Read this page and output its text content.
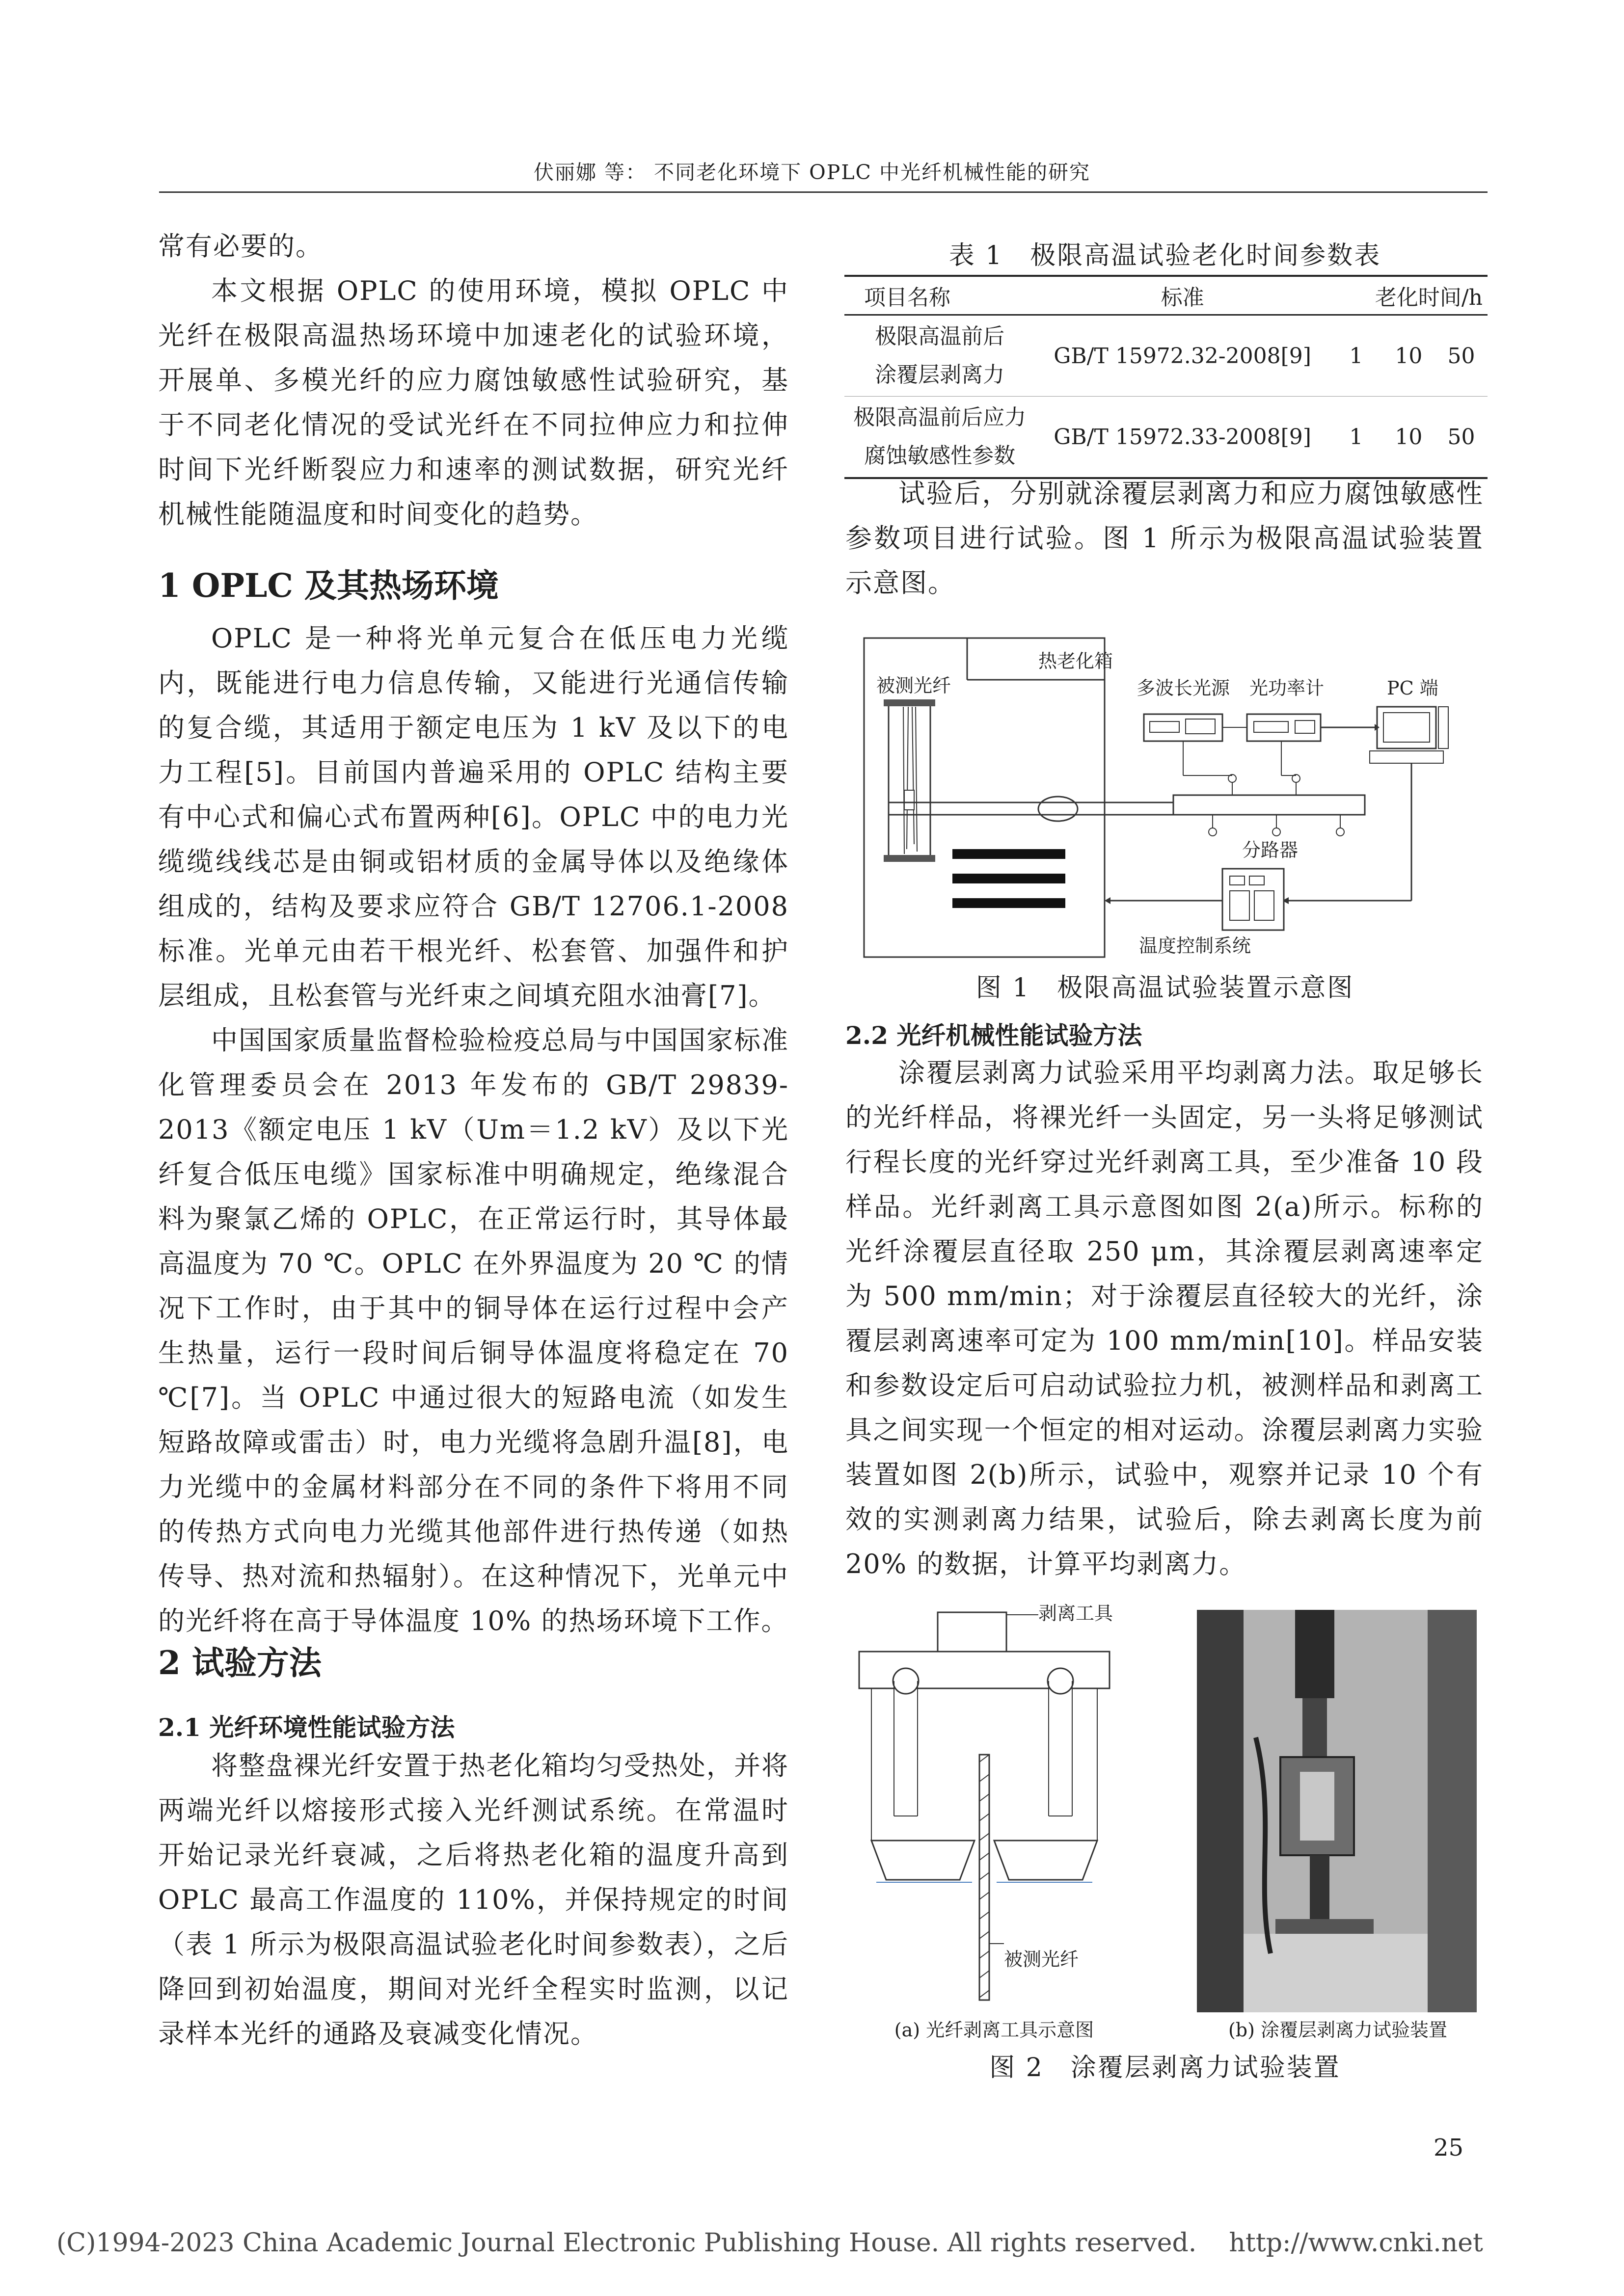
伏丽娜 等： 不同老化环境下 OPLC 中光纤机械性能的研究

常有必要的。

本文根据 OPLC 的使用环境，模拟 OPLC 中光纤在极限高温热场环境中加速老化的试验环境，开展单、多模光纤的应力腐蚀敏感性试验研究，基于不同老化情况的受试光纤在不同拉伸应力和拉伸时间下光纤断裂应力和速率的测试数据，研究光纤机械性能随温度和时间变化的趋势。

1 OPLC 及其热场环境

OPLC 是一种将光单元复合在低压电力光缆内，既能进行电力信息传输，又能进行光通信传输的复合缆，其适用于额定电压为 1 kV 及以下的电力工程[5]。目前国内普遍采用的 OPLC 结构主要有中心式和偏心式布置两种[6]。OPLC 中的电力光缆缆线线芯是由铜或铝材质的金属导体以及绝缘体组成的，结构及要求应符合 GB/T 12706.1-2008 标准。光单元由若干根光纤、松套管、加强件和护层组成，且松套管与光纤束之间填充阻水油膏[7]。

中国国家质量监督检验检疫总局与中国国家标准化管理委员会在 2013 年发布的 GB/T 29839-2013《额定电压 1 kV（Um＝1.2 kV）及以下光纤复合低压电缆》国家标准中明确规定，绝缘混合料为聚氯乙烯的 OPLC，在正常运行时，其导体最高温度为 70 ℃。OPLC 在外界温度为 20 ℃ 的情况下工作时，由于其中的铜导体在运行过程中会产生热量，运行一段时间后铜导体温度将稳定在 70 ℃[7]。当 OPLC 中通过很大的短路电流（如发生短路故障或雷击）时，电力光缆将急剧升温[8]，电力光缆中的金属材料部分在不同的条件下将用不同的传热方式向电力光缆其他部件进行热传递（如热传导、热对流和热辐射）。在这种情况下，光单元中的光纤将在高于导体温度 10% 的热场环境下工作。

2 试验方法
2.1 光纤环境性能试验方法

将整盘裸光纤安置于热老化箱均匀受热处，并将两端光纤以熔接形式接入光纤测试系统。在常温时开始记录光纤衰减，之后将热老化箱的温度升高到 OPLC 最高工作温度的 110%，并保持规定的时间（表 1 所示为极限高温试验老化时间参数表），之后降回到初始温度，期间对光纤全程实时监测，以记录样本光纤的通路及衰减变化情况。

表 1　极限高温试验老化时间参数表
项目名称	标准	老化时间/h		

极限高温前后
涂覆层剥离力	GB/T 15972.32-2008[9]	1	10	50

极限高温前后应力
腐蚀敏感性参数	GB/T 15972.33-2008[9]	1	10	50

试验后，分别就涂覆层剥离力和应力腐蚀敏感性参数项目进行试验。图 1 所示为极限高温试验装置示意图。

热老化箱
被测光纤	多波长光源 光功率计	PC 端
分路器
温度控制系统
图 1　极限高温试验装置示意图
2.2 光纤机械性能试验方法

涂覆层剥离力试验采用平均剥离力法。取足够长的光纤样品，将裸光纤一头固定，另一头将足够测试行程长度的光纤穿过光纤剥离工具，至少准备 10 段样品。光纤剥离工具示意图如图 2(a)所示。标称的光纤涂覆层直径取 250 μm，其涂覆层剥离速率定为 500 mm/min；对于涂覆层直径较大的光纤，涂覆层剥离速率可定为 100 mm/min[10]。样品安装和参数设定后可启动试验拉力机，被测样品和剥离工具之间实现一个恒定的相对运动。涂覆层剥离力实验装置如图 2(b)所示，试验中，观察并记录 10 个有效的实测剥离力结果，试验后，除去剥离长度为前 20% 的数据，计算平均剥离力。

剥离工具
被测光纤
(a) 光纤剥离工具示意图	(b) 涂覆层剥离力试验装置
图 2　涂覆层剥离力试验装置
25
(C)1994-2023 China Academic Journal Electronic Publishing House. All rights reserved.    http://www.cnki.net
